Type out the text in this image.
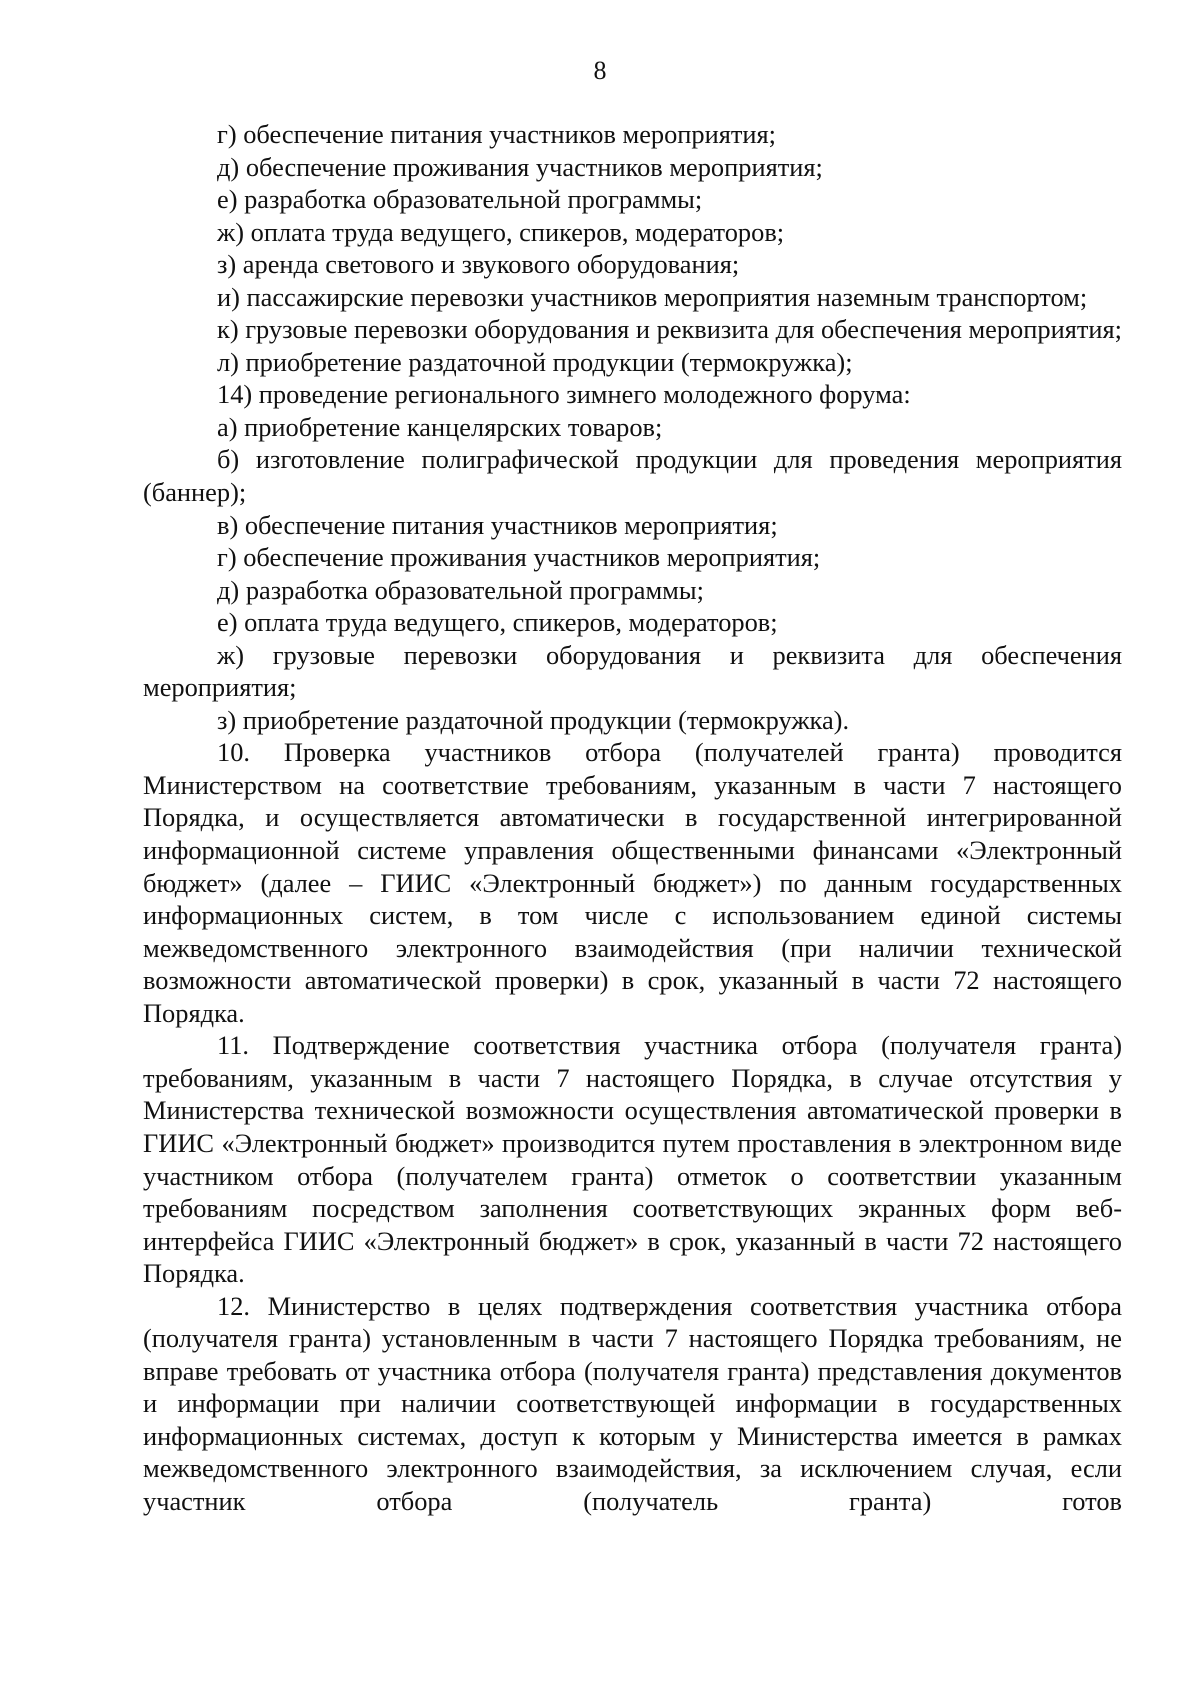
8

г) обеспечение питания участников мероприятия;

д) обеспечение проживания участников мероприятия;

е) разработка образовательной программы;

ж) оплата труда ведущего, спикеров, модераторов;

з) аренда светового и звукового оборудования;

и) пассажирские перевозки участников мероприятия наземным транспортом;

к) грузовые перевозки оборудования и реквизита для обеспечения мероприятия;

л) приобретение раздаточной продукции (термокружка);

14) проведение регионального зимнего молодежного форума:

а) приобретение канцелярских товаров;

б) изготовление полиграфической продукции для проведения мероприятия (баннер);

в) обеспечение питания участников мероприятия;

г) обеспечение проживания участников мероприятия;

д) разработка образовательной программы;

е) оплата труда ведущего, спикеров, модераторов;

ж) грузовые перевозки оборудования и реквизита для обеспечения мероприятия;

з) приобретение раздаточной продукции (термокружка).

10. Проверка участников отбора (получателей гранта) проводится Министерством на соответствие требованиям, указанным в части 7 настоящего Порядка, и осуществляется автоматически в государственной интегрированной информационной системе управления общественными финансами «Электронный бюджет» (далее – ГИИС «Электронный бюджет») по данным государственных информационных систем, в том числе с использованием единой системы межведомственного электронного взаимодействия (при наличии технической возможности автоматической проверки) в срок, указанный в части 72 настоящего Порядка.

11. Подтверждение соответствия участника отбора (получателя гранта) требованиям, указанным в части 7 настоящего Порядка, в случае отсутствия у Министерства технической возможности осуществления автоматической проверки в ГИИС «Электронный бюджет» производится путем проставления в электронном виде участником отбора (получателем гранта) отметок о соответствии указанным требованиям посредством заполнения соответствующих экранных форм веб-интерфейса ГИИС «Электронный бюджет» в срок, указанный в части 72 настоящего Порядка.

12. Министерство в целях подтверждения соответствия участника отбора (получателя гранта) установленным в части 7 настоящего Порядка требованиям, не вправе требовать от участника отбора (получателя гранта) представления документов и информации при наличии соответствующей информации в государственных информационных системах, доступ к которым у Министерства имеется в рамках межведомственного электронного взаимодействия, за исключением случая, если участник отбора (получатель гранта) готов
